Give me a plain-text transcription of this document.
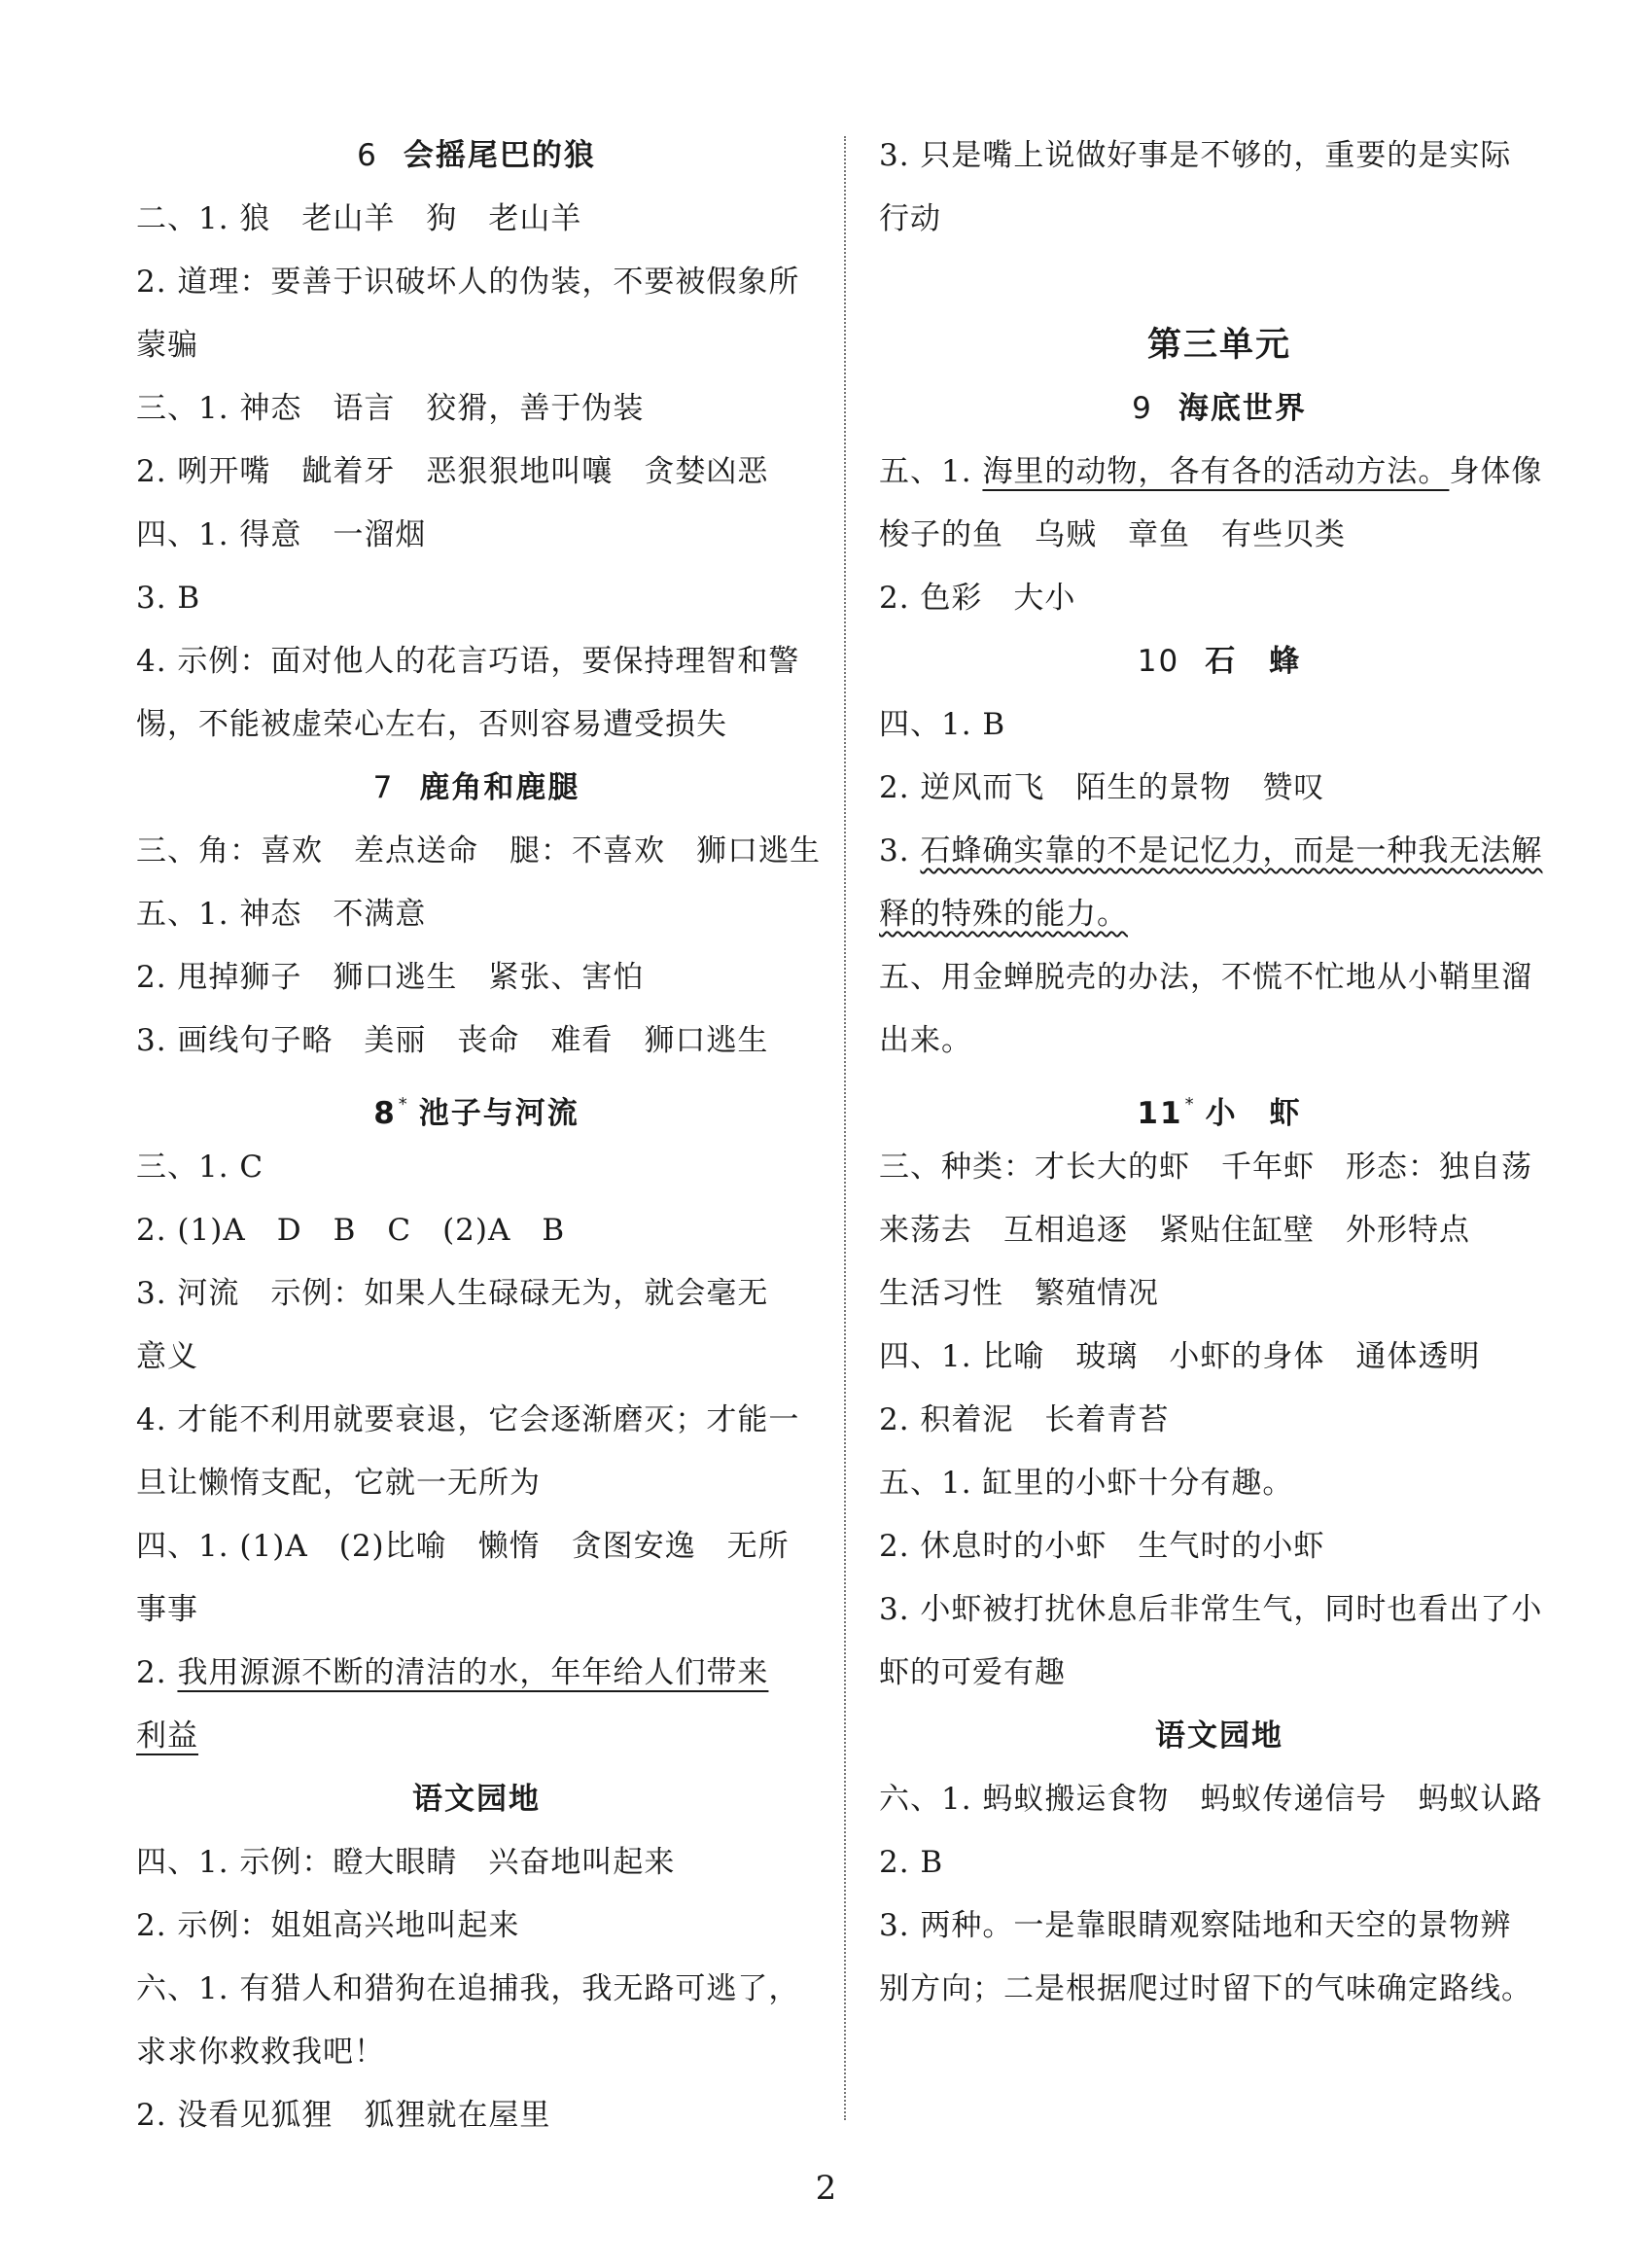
6 会摇尾巴的狼
二、1. 狼　老山羊　狗　老山羊
2. 道理：要善于识破坏人的伪装，不要被假象所
蒙骗
三、1. 神态　语言　狡猾，善于伪装
2. 咧开嘴　龇着牙　恶狠狠地叫嚷　贪婪凶恶
四、1. 得意　一溜烟
3. B
4. 示例：面对他人的花言巧语，要保持理智和警
惕，不能被虚荣心左右，否则容易遭受损失
7 鹿角和鹿腿
三、角：喜欢　差点送命　腿：不喜欢　狮口逃生
五、1. 神态　不满意
2. 甩掉狮子　狮口逃生　紧张、害怕
3. 画线句子略　美丽　丧命　难看　狮口逃生
8 * 池子与河流
三、1. C
2. (1)A　D　B　C　(2)A　B
3. 河流　示例：如果人生碌碌无为，就会毫无
意义
4. 才能不利用就要衰退，它会逐渐磨灭；才能一
旦让懒惰支配，它就一无所为
四、1. (1)A　(2)比喻　懒惰　贪图安逸　无所
事事
2. 我用源源不断的清洁的水，年年给人们带来
利益
语文园地
四、1. 示例：瞪大眼睛　兴奋地叫起来
2. 示例：姐姐高兴地叫起来
六、1. 有猎人和猎狗在追捕我，我无路可逃了，
求求你救救我吧！
2. 没看见狐狸　狐狸就在屋里
3. 只是嘴上说做好事是不够的，重要的是实际
行动
第三单元
9 海底世界
五、1. 海里的动物，各有各的活动方法。身体像
梭子的鱼　乌贼　章鱼　有些贝类
2. 色彩　大小
10 石　蜂
四、1. B
2. 逆风而飞　陌生的景物　赞叹
3. 石蜂确实靠的不是记忆力，而是一种我无法解
释的特殊的能力。
五、用金蝉脱壳的办法，不慌不忙地从小鞘里溜
出来。
11 * 小　虾
三、种类：才长大的虾　千年虾　形态：独自荡
来荡去　互相追逐　紧贴住缸壁　外形特点
生活习性　繁殖情况
四、1. 比喻　玻璃　小虾的身体　通体透明
2. 积着泥　长着青苔
五、1. 缸里的小虾十分有趣。
2. 休息时的小虾　生气时的小虾
3. 小虾被打扰休息后非常生气，同时也看出了小
虾的可爱有趣
语文园地
六、1. 蚂蚁搬运食物　蚂蚁传递信号　蚂蚁认路
2. B
3. 两种。一是靠眼睛观察陆地和天空的景物辨
别方向；二是根据爬过时留下的气味确定路线。
2
